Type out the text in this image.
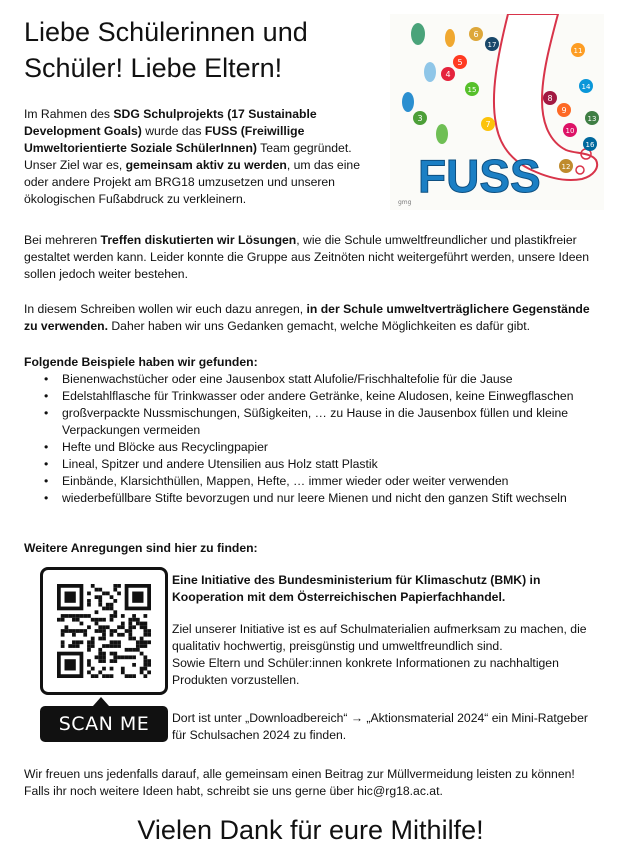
Liebe Schülerinnen und
Schüler! Liebe Eltern!

Im Rahmen des SDG Schulprojekts (17 Sustainable Development Goals) wurde das FUSS (Freiwillige Umweltorientierte Soziale SchülerInnen) Team gegründet. Unser Ziel war es, gemeinsam aktiv zu werden, um das eine oder andere Projekt am BRG18 umzusetzen und unseren ökologischen Fußabdruck zu verkleinern.

4
6
5
17
15
7
11
8
9
14
10
13
16
12
3
FUSS
gmg

Bei mehreren Treffen diskutierten wir Lösungen, wie die Schule umweltfreundlicher und plastikfreier gestaltet werden kann. Leider konnte die Gruppe aus Zeitnöten nicht weitergeführt werden, unsere Ideen sollen jedoch weiter bestehen.

In diesem Schreiben wollen wir euch dazu anregen, in der Schule umweltverträglichere Gegenstände zu verwenden. Daher haben wir uns Gedanken gemacht, welche Möglichkeiten es dafür gibt.

Folgende Beispiele haben wir gefunden:

• Bienenwachstücher oder eine Jausenbox statt Alufolie/Frischhaltefolie für die Jause
• Edelstahlflasche für Trinkwasser oder andere Getränke, keine Aludosen, keine Einwegflaschen
• großverpackte Nussmischungen, Süßigkeiten, … zu Hause in die Jausenbox füllen und kleine Verpackungen vermeiden
• Hefte und Blöcke aus Recyclingpapier
• Lineal, Spitzer und andere Utensilien aus Holz statt Plastik
• Einbände, Klarsichthüllen, Mappen, Hefte, … immer wieder oder weiter verwenden
• wiederbefüllbare Stifte bevorzugen und nur leere Mienen und nicht den ganzen Stift wechseln

Weitere Anregungen sind hier zu finden:

SCAN ME

Eine Initiative des Bundesministerium für Klimaschutz (BMK) in Kooperation mit dem Österreichischen Papierfachhandel.

Ziel unserer Initiative ist es auf Schulmaterialien aufmerksam zu machen, die qualitativ hochwertig, preisgünstig und umweltfreundlich sind.
Sowie Eltern und Schüler:innen konkrete Informationen zu nachhaltigen Produkten vorzustellen.

Dort ist unter „Downloadbereich“ → „Aktionsmaterial 2024“ ein Mini-Ratgeber für Schulsachen 2024 zu finden.

Wir freuen uns jedenfalls darauf, alle gemeinsam einen Beitrag zur Müllvermeidung leisten zu können!
Falls ihr noch weitere Ideen habt, schreibt sie uns gerne über hic@rg18.ac.at.

Vielen Dank für eure Mithilfe!
